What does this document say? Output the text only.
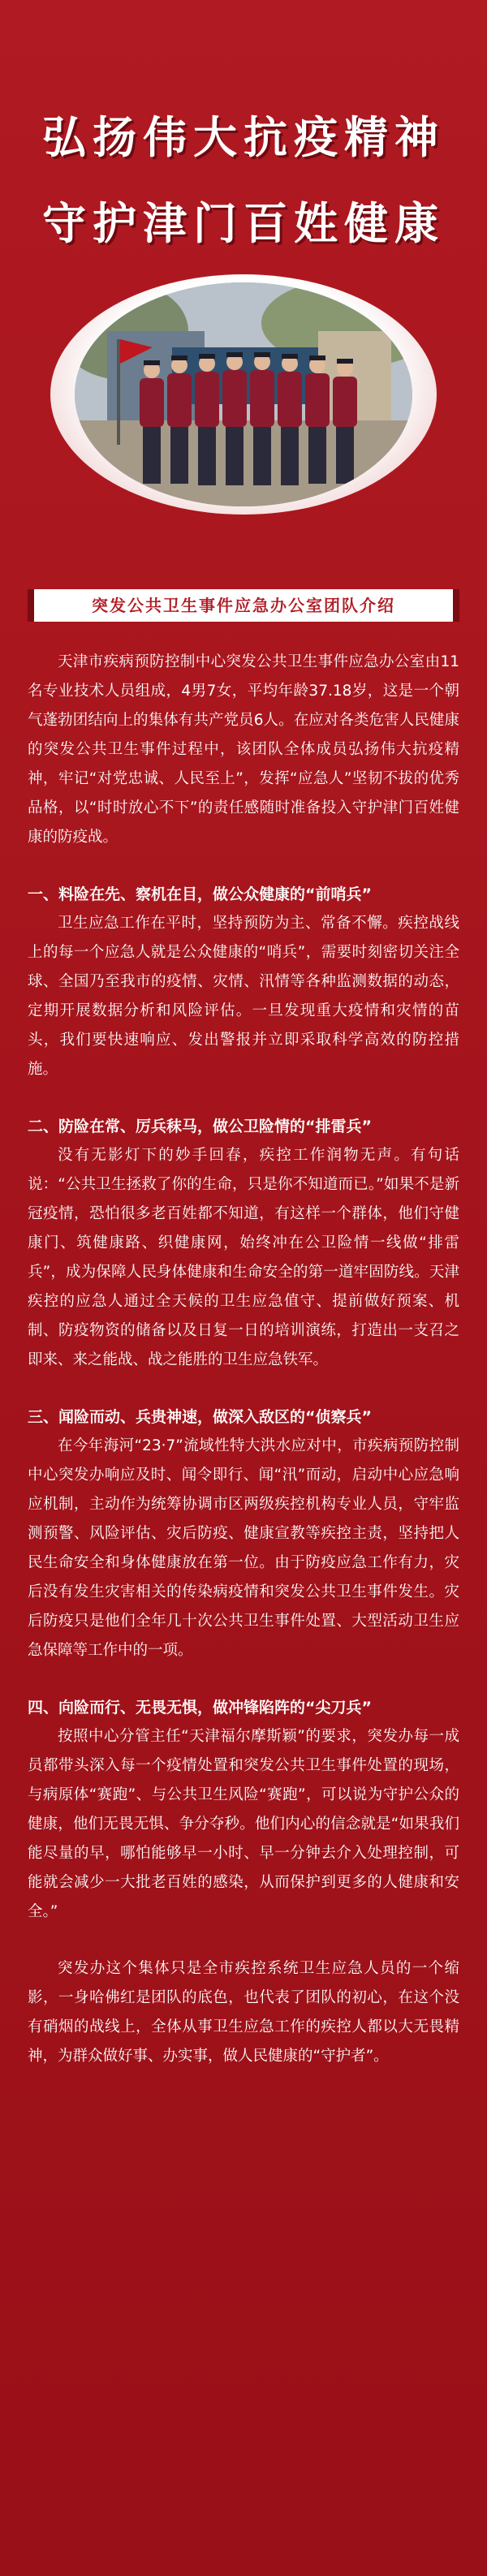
弘扬伟大抗疫精神
守护津门百姓健康
突发公共卫生事件应急办公室团队介绍

天津市疾病预防控制中心突发公共卫生事件应急办公室由11名专业技术人员组成，4男7女，平均年龄37.18岁，这是一个朝气蓬勃团结向上的集体有共产党员6人。在应对各类危害人民健康的突发公共卫生事件过程中，该团队全体成员弘扬伟大抗疫精神，牢记“对党忠诚、人民至上”，发挥“应急人”坚韧不拔的优秀品格，以“时时放心不下”的责任感随时准备投入守护津门百姓健康的防疫战。

一、料险在先、察机在目，做公众健康的“前哨兵”

卫生应急工作在平时，坚持预防为主、常备不懈。疾控战线上的每一个应急人就是公众健康的“哨兵”，需要时刻密切关注全球、全国乃至我市的疫情、灾情、汛情等各种监测数据的动态，定期开展数据分析和风险评估。一旦发现重大疫情和灾情的苗头，我们要快速响应、发出警报并立即采取科学高效的防控措施。

二、防险在常、厉兵秣马，做公卫险情的“排雷兵”

没有无影灯下的妙手回春，疾控工作润物无声。有句话说：“公共卫生拯救了你的生命，只是你不知道而已。”如果不是新冠疫情，恐怕很多老百姓都不知道，有这样一个群体，他们守健康门、筑健康路、织健康网，始终冲在公卫险情一线做“排雷兵”，成为保障人民身体健康和生命安全的第一道牢固防线。天津疾控的应急人通过全天候的卫生应急值守、提前做好预案、机制、防疫物资的储备以及日复一日的培训演练，打造出一支召之即来、来之能战、战之能胜的卫生应急铁军。

三、闻险而动、兵贵神速，做深入敌区的“侦察兵”

在今年海河“23·7”流域性特大洪水应对中，市疾病预防控制中心突发办响应及时、闻令即行、闻“汛”而动，启动中心应急响应机制，主动作为统筹协调市区两级疾控机构专业人员，守牢监测预警、风险评估、灾后防疫、健康宣教等疾控主责，坚持把人民生命安全和身体健康放在第一位。由于防疫应急工作有力，灾后没有发生灾害相关的传染病疫情和突发公共卫生事件发生。灾后防疫只是他们全年几十次公共卫生事件处置、大型活动卫生应急保障等工作中的一项。

四、向险而行、无畏无惧，做冲锋陷阵的“尖刀兵”

按照中心分管主任“天津福尔摩斯颖”的要求，突发办每一成员都带头深入每一个疫情处置和突发公共卫生事件处置的现场，与病原体“赛跑”、与公共卫生风险“赛跑”，可以说为守护公众的健康，他们无畏无惧、争分夺秒。他们内心的信念就是“如果我们能尽量的早，哪怕能够早一小时、早一分钟去介入处理控制，可能就会减少一大批老百姓的感染，从而保护到更多的人健康和安全。”

突发办这个集体只是全市疾控系统卫生应急人员的一个缩影，一身哈佛红是团队的底色，也代表了团队的初心，在这个没有硝烟的战线上，全体从事卫生应急工作的疾控人都以大无畏精神，为群众做好事、办实事，做人民健康的“守护者”。
